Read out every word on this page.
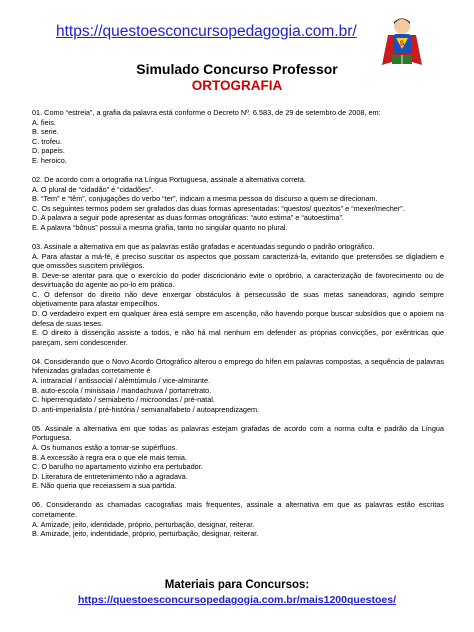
https://questoesconcursopedagogia.com.br/
S
Simulado Concurso Professor
ORTOGRAFIA
01. Como “estreia”, a grafia da palavra está conforme o Decreto Nº. 6.583, de 29 de setembro de 2008, em:
A. fieis.
B. serie.
C. trofeu.
D. papeis.
E. heroico.
02. De acordo com a ortografia na Língua Portuguesa, assinale a alternativa correta.
A. O plural de “cidadão” é “cidadões”.
B. “Tem” e “têm”, conjugações do verbo “ter”, indicam a mesma pessoa do discurso a quem se direcionam.
C. Os seguintes termos podem ser grafados das duas formas apresentadas: “questos/ quezitos” e “mexer/mecher”.
D. A palavra a seguir pode apresentar as duas formas ortográficas: “auto estima” e “autoestima”.
E. A palavra “bônus” possui a mesma grafia, tanto no singular quanto no plural.
03. Assinale a alternativa em que as palavras estão grafadas e acentuadas segundo o padrão ortográfico.
A. Para afastar a má-fé, é preciso suscitar os aspectos que possam caracterizá-la, evitando que pretensões se digladiem e que omissões suscitem privilégios.
B. Deve-se atentar para que o exercício do poder discricionário evite o opróbrio, a caracterização de favorecimento ou de desvirtuação do agente ao po-lo em prática.
C. O defensor do direito não deve enxergar obstáculos à persecussão de suas metas saneadoras, agindo sempre objetivamente para afastar empecilhos.
D. O verdadeiro expert em qualquer área está sempre em ascenção, não havendo porque buscar subsídios que o apoiem na defesa de suas teses.
E. O direito à dissenção assiste a todos, e não há mal nenhum em defender as próprias convicções, por exêntricas que pareçam, sem condescender.
04. Considerando que o Novo Acordo Ortográfico alterou o emprego do hífen em palavras compostas, a sequência de palavras hifenizadas grafadas corretamente é
A. intraracial / antissocial / alémtúmulo / vice-almirante.
B. auto-escola / minissaia / mandachuva / portarretrato.
C. hiperrenquidato / semiaberto / microondas / pré-natal.
D. anti-imperialista / pré-história / semianalfabeto / autoaprendizagem.
05. Assinale a alternativa em que todas as palavras estejam grafadas de acordo com a norma culta e padrão da Língua Portuguesa.
A. Os humanos estão a tornar-se supérfluos.
B. A excessão à regra era o que ele mais temia.
C. O barulho no apartamento vizinho era pertubador.
D. Literatura de entretenimento não a agradava.
E. Não queria que receiassem a sua partida.
06. Considerando as chamadas cacografias mais frequentes, assinale a alternativa em que as palavras estão escritas corretamente.
A. Amizade, jeito, identidade, próprio, perturbação, designar, reiterar.
B. Amizade, jeito, indentidade, próprio, perturbação, designar, reiterar.
Materiais para Concursos:
https://questoesconcursopedagogia.com.br/mais1200questoes/
